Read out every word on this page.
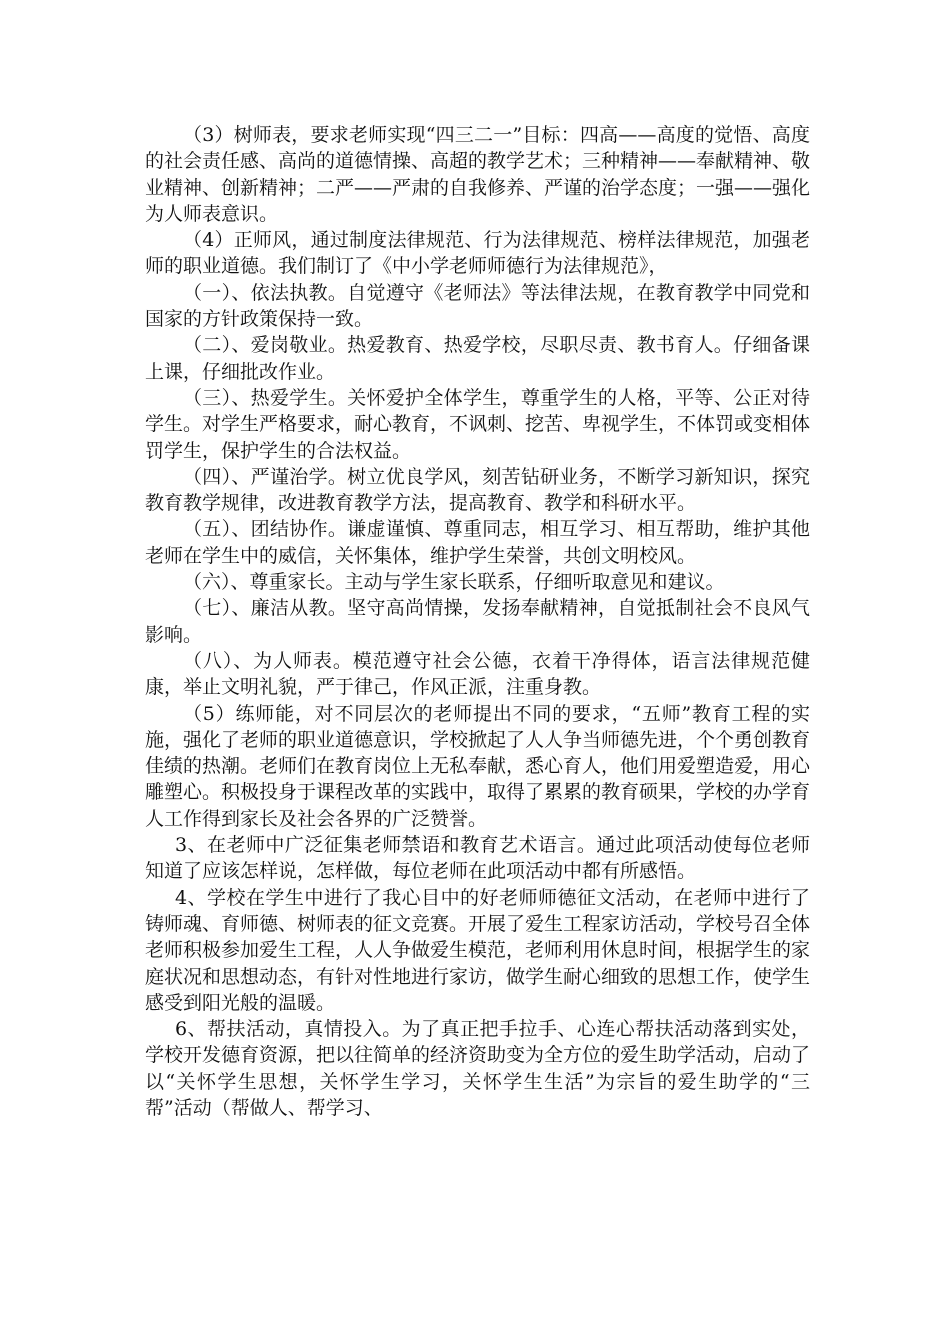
（3）树师表，要求老师实现“四三二一”目标：四高——高度的觉悟、高度的社会责任感、高尚的道德情操、高超的教学艺术；三种精神——奉献精神、敬业精神、创新精神；二严——严肃的自我修养、严谨的治学态度；一强——强化为人师表意识。

（4）正师风，通过制度法律规范、行为法律规范、榜样法律规范，加强老师的职业道德。我们制订了《中小学老师师德行为法律规范》，

（一）、依法执教。自觉遵守《老师法》等法律法规，在教育教学中同党和国家的方针政策保持一致。

（二）、爱岗敬业。热爱教育、热爱学校，尽职尽责、教书育人。仔细备课上课，仔细批改作业。

（三）、热爱学生。关怀爱护全体学生，尊重学生的人格，平等、公正对待学生。对学生严格要求，耐心教育，不讽刺、挖苦、卑视学生，不体罚或变相体罚学生，保护学生的合法权益。

（四）、严谨治学。树立优良学风，刻苦钻研业务，不断学习新知识，探究教育教学规律，改进教育教学方法，提高教育、教学和科研水平。

（五）、团结协作。谦虚谨慎、尊重同志，相互学习、相互帮助，维护其他老师在学生中的威信，关怀集体，维护学生荣誉，共创文明校风。

（六）、尊重家长。主动与学生家长联系，仔细听取意见和建议。

（七）、廉洁从教。坚守高尚情操，发扬奉献精神，自觉抵制社会不良风气影响。

（八）、为人师表。模范遵守社会公德，衣着干净得体，语言法律规范健康，举止文明礼貌，严于律己，作风正派，注重身教。

（5）练师能，对不同层次的老师提出不同的要求，“五师”教育工程的实施，强化了老师的职业道德意识，学校掀起了人人争当师德先进，个个勇创教育佳绩的热潮。老师们在教育岗位上无私奉献，悉心育人，他们用爱塑造爱，用心雕塑心。积极投身于课程改革的实践中，取得了累累的教育硕果，学校的办学育人工作得到家长及社会各界的广泛赞誉。

3、在老师中广泛征集老师禁语和教育艺术语言。通过此项活动使每位老师知道了应该怎样说，怎样做，每位老师在此项活动中都有所感悟。

4、学校在学生中进行了我心目中的好老师师德征文活动，在老师中进行了铸师魂、育师德、树师表的征文竞赛。开展了爱生工程家访活动，学校号召全体老师积极参加爱生工程，人人争做爱生模范，老师利用休息时间，根据学生的家庭状况和思想动态，有针对性地进行家访，做学生耐心细致的思想工作，使学生感受到阳光般的温暖。

6、帮扶活动，真情投入。为了真正把手拉手、心连心帮扶活动落到实处，学校开发德育资源，把以往简单的经济资助变为全方位的爱生助学活动，启动了以“关怀学生思想，关怀学生学习，关怀学生生活”为宗旨的爱生助学的“三帮”活动（帮做人、帮学习、
